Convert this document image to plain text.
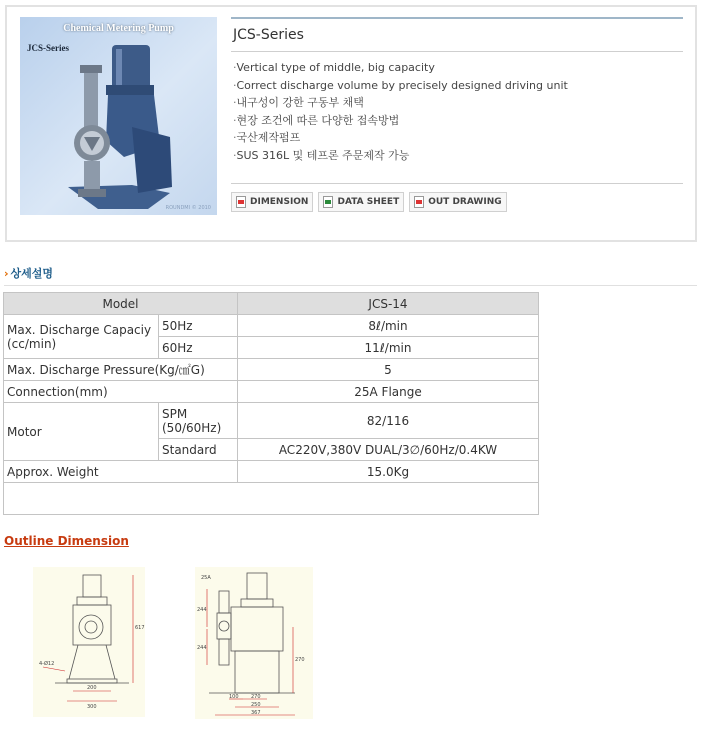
Chemical Metering Pump
JCS-Series
ROUNDMI © 2010
JCS-Series
· Vertical type of middle, big capacity
· Correct discharge volume by precisely designed driving unit
· 내구성이 강한 구동부 채택
· 현장 조건에 따른 다양한 접속방법
· 국산제작펌프
· SUS 316L 및 테프론 주문제작 가능
DIMENSION	DATA SHEET	OUT DRAWING
› 상세설명
Model		JCS-14
Max. Discharge Capaciy (cc/min)	50Hz	8ℓ/min
	60Hz	11ℓ/min
Max. Discharge Pressure(Kg/㎠G)		5
Connection(mm)		25A Flange
Motor	SPM (50/60Hz)	82/116
	Standard	AC220V,380V DUAL/3∅/60Hz/0.4KW
Approx. Weight		15.0Kg

Outline Dimension
617
4-Ø12
200
300
25A
244
244
270
100 270
250
367
